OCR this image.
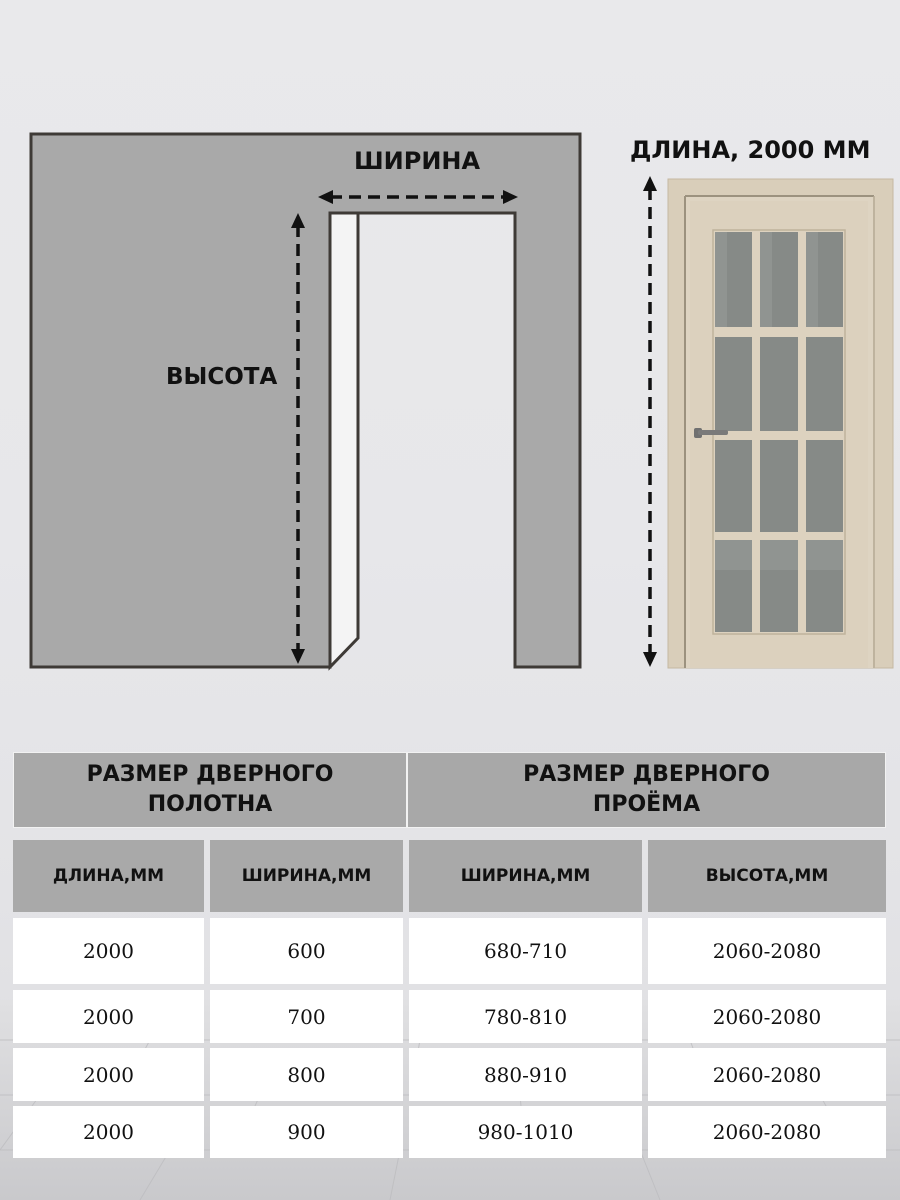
ВЫСОТА
ШИРИНА	ДЛИНА, 2000 ММ
РАЗМЕР ДВЕРНОГО
ПОЛОТНА
РАЗМЕР ДВЕРНОГО
ПРОЁМА
ДЛИНА,ММ	ШИРИНА,ММ	ШИРИНА,ММ	ВЫСОТА,ММ
2000	600	680-710	2060-2080
2000	700	780-810	2060-2080
2000	800	880-910	2060-2080
2000	900	980-1010	2060-2080
